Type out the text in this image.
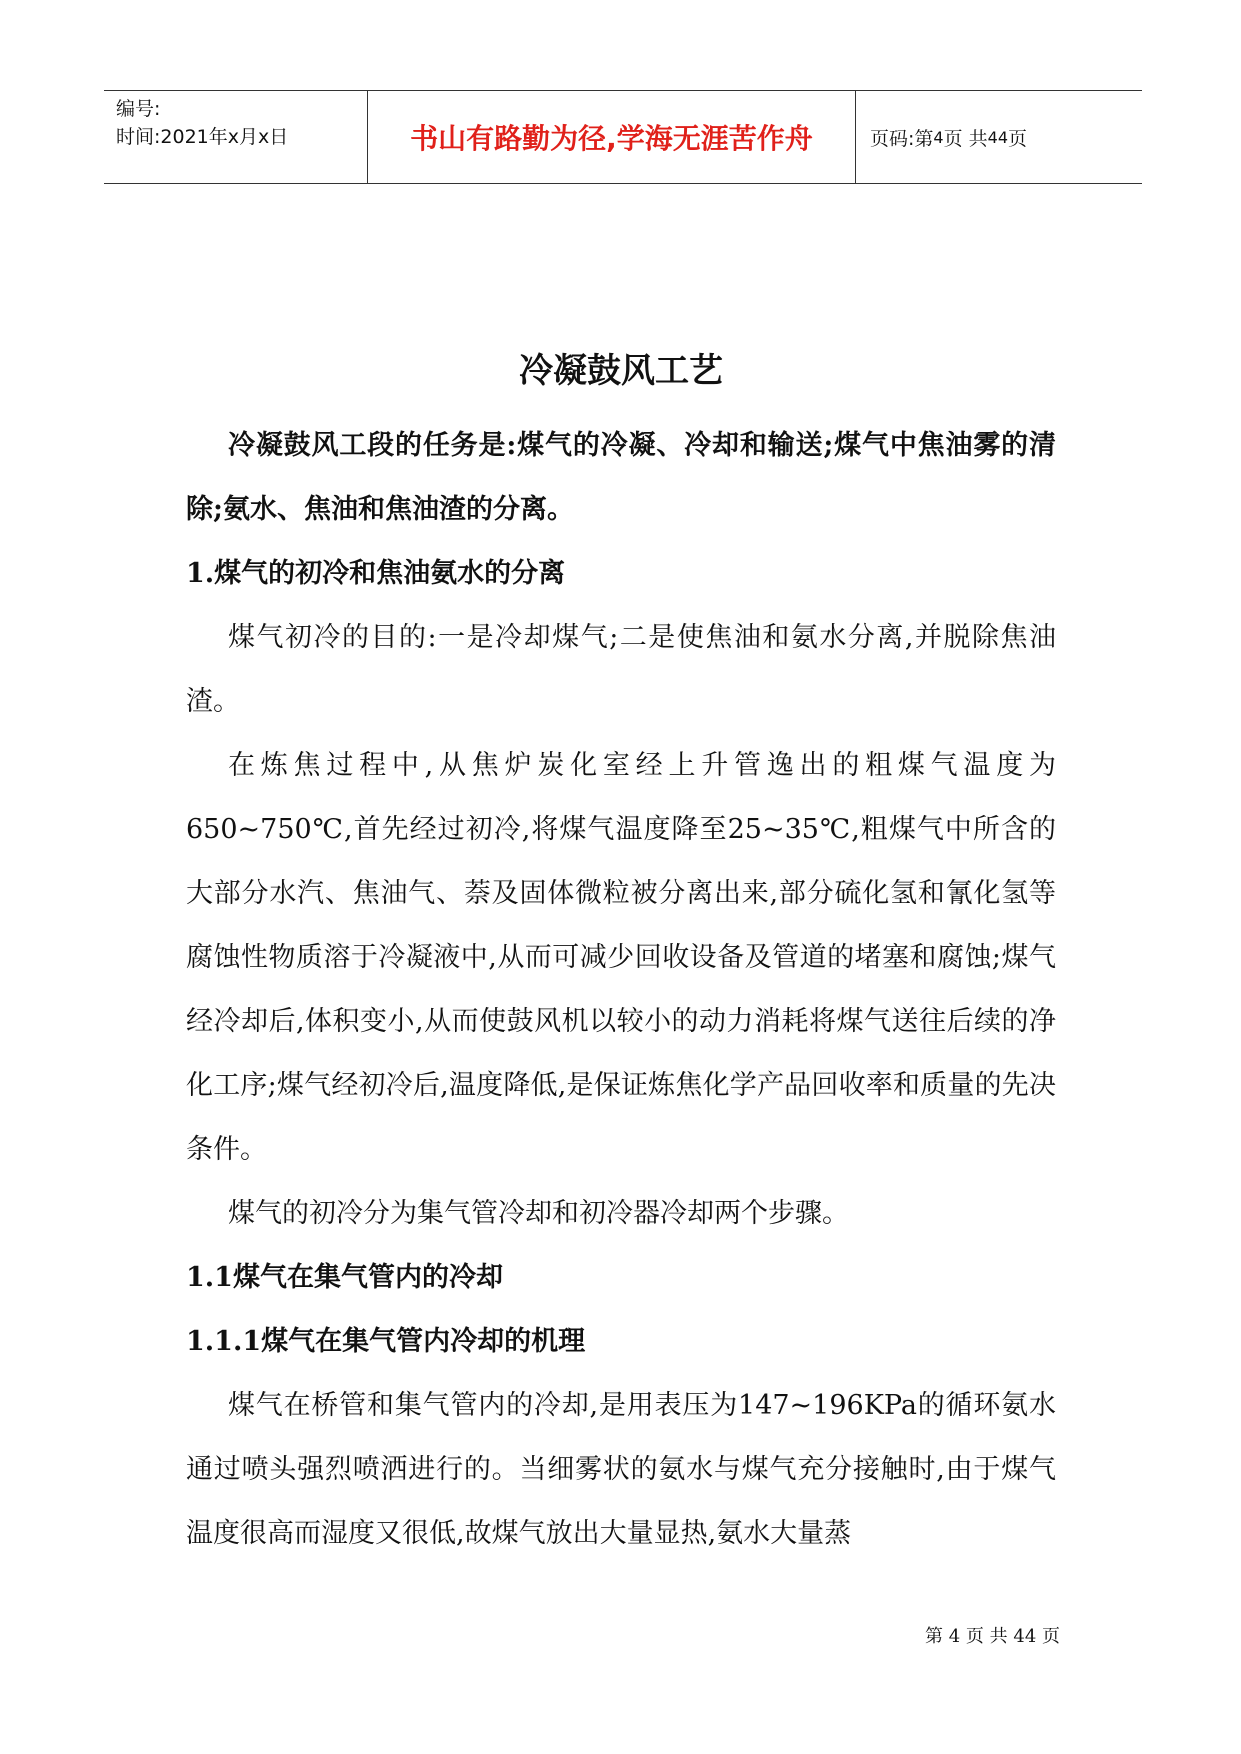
编号:
时间:2021年x月x日	书山有路勤为径,学海无涯苦作舟	页码:第 4 页 共 44 页
冷凝鼓风工艺

冷凝鼓风工段的任务是:煤气的冷凝、冷却和输送;煤气中焦油雾的清除;氨水、焦油和焦油渣的分离。

1.煤气的初冷和焦油氨水的分离

煤气初冷的目的:一是冷却煤气;二是使焦油和氨水分离,并脱除焦油渣。

在炼焦过程中,从焦炉炭化室经上升管逸出的粗煤气温度为650~750℃,首先经过初冷,将煤气温度降至25~35℃,粗煤气中所含的大部分水汽、焦油气、萘及固体微粒被分离出来,部分硫化氢和氰化氢等腐蚀性物质溶于冷凝液中,从而可减少回收设备及管道的堵塞和腐蚀;煤气经冷却后,体积变小,从而使鼓风机以较小的动力消耗将煤气送往后续的净化工序;煤气经初冷后,温度降低,是保证炼焦化学产品回收率和质量的先决条件。

煤气的初冷分为集气管冷却和初冷器冷却两个步骤。

1.1煤气在集气管内的冷却
1.1.1煤气在集气管内冷却的机理

煤气在桥管和集气管内的冷却,是用表压为147~196KPa的循环氨水通过喷头强烈喷洒进行的。当细雾状的氨水与煤气充分接触时,由于煤气温度很高而湿度又很低,故煤气放出大量显热,氨水大量蒸

第 4 页 共 44 页
